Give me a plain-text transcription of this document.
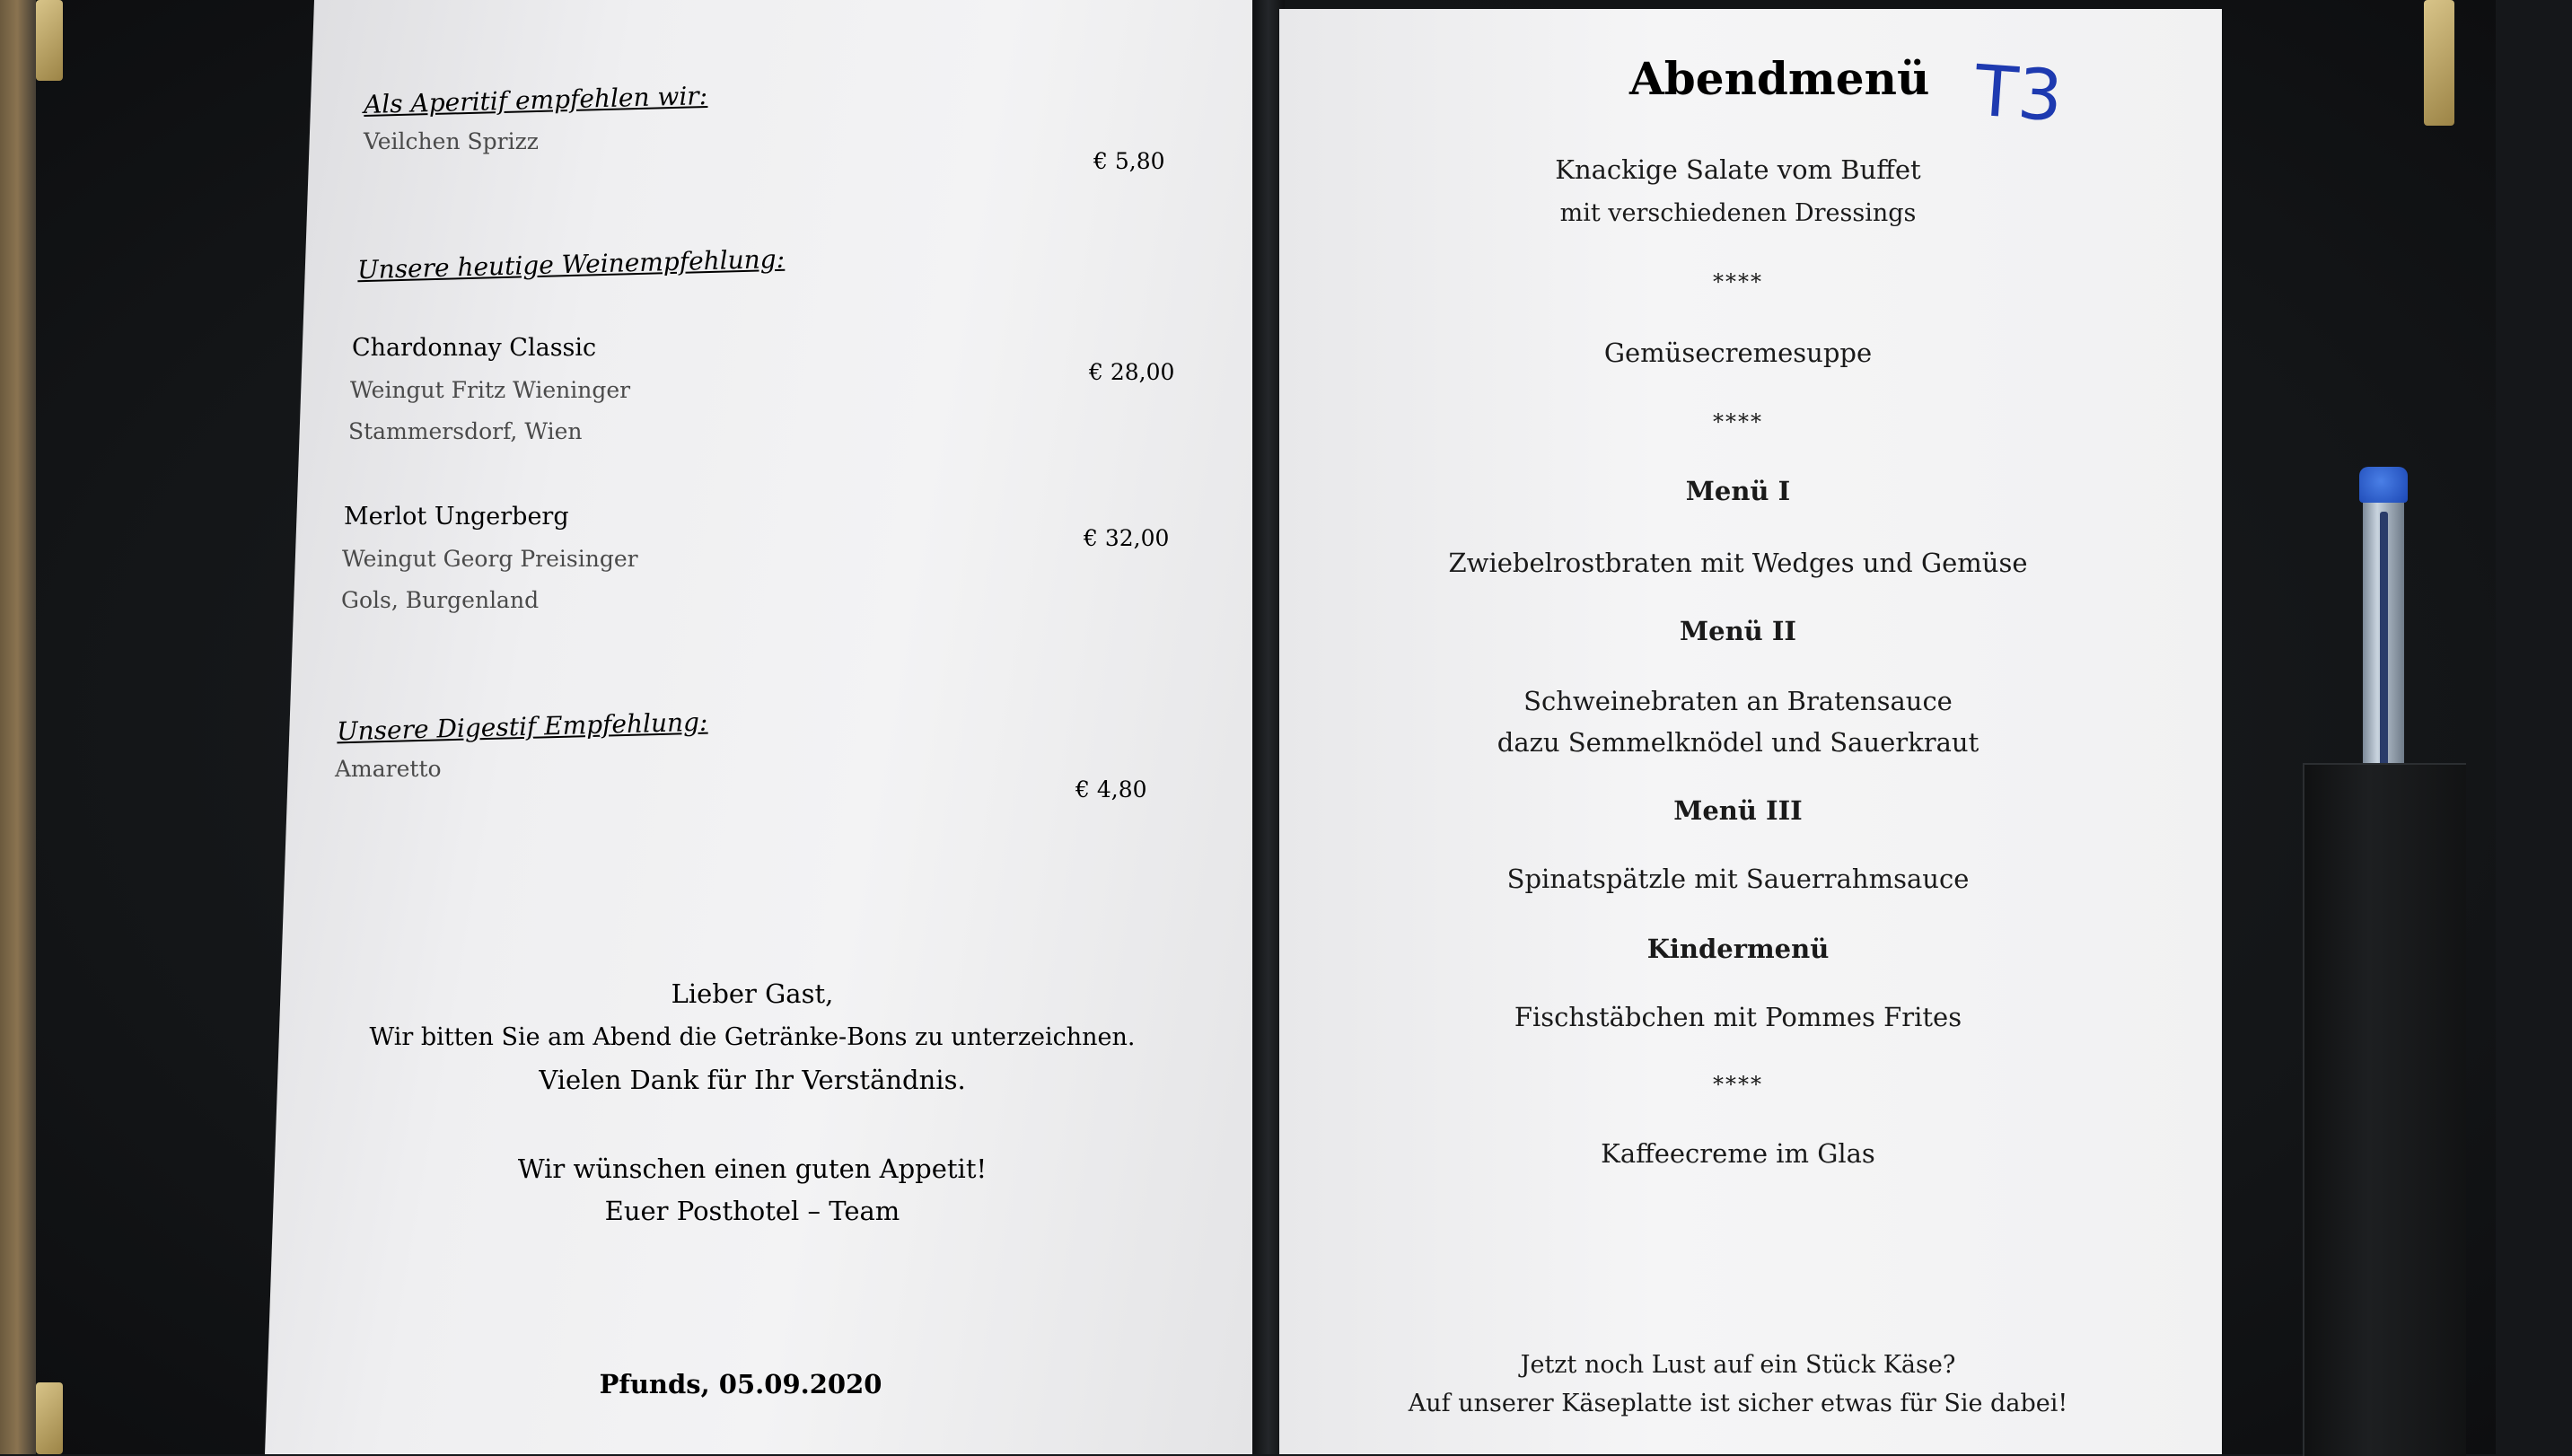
Als Aperitif empfehlen wir:
Veilchen Sprizz
€ 5,80
Unsere heutige Weinempfehlung:
Chardonnay Classic
Weingut Fritz Wieninger
Stammersdorf, Wien
€ 28,00
Merlot Ungerberg
Weingut Georg Preisinger
Gols, Burgenland
€ 32,00
Unsere Digestif Empfehlung:
Amaretto
€ 4,80
Lieber Gast,
Wir bitten Sie am Abend die Getränke-Bons zu unterzeichnen.
Vielen Dank für Ihr Verständnis.
Wir wünschen einen guten Appetit!
Euer Posthotel – Team
Pfunds, 05.09.2020
Abendmenü T3
Knackige Salate vom Buffet
mit verschiedenen Dressings
****
Gemüsecremesuppe
****
Menü I
Zwiebelrostbraten mit Wedges und Gemüse
Menü II
Schweinebraten an Bratensauce
dazu Semmelknödel und Sauerkraut
Menü III
Spinatspätzle mit Sauerrahmsauce
Kindermenü
Fischstäbchen mit Pommes Frites
****
Kaffeecreme im Glas
Jetzt noch Lust auf ein Stück Käse?
Auf unserer Käseplatte ist sicher etwas für Sie dabei!
